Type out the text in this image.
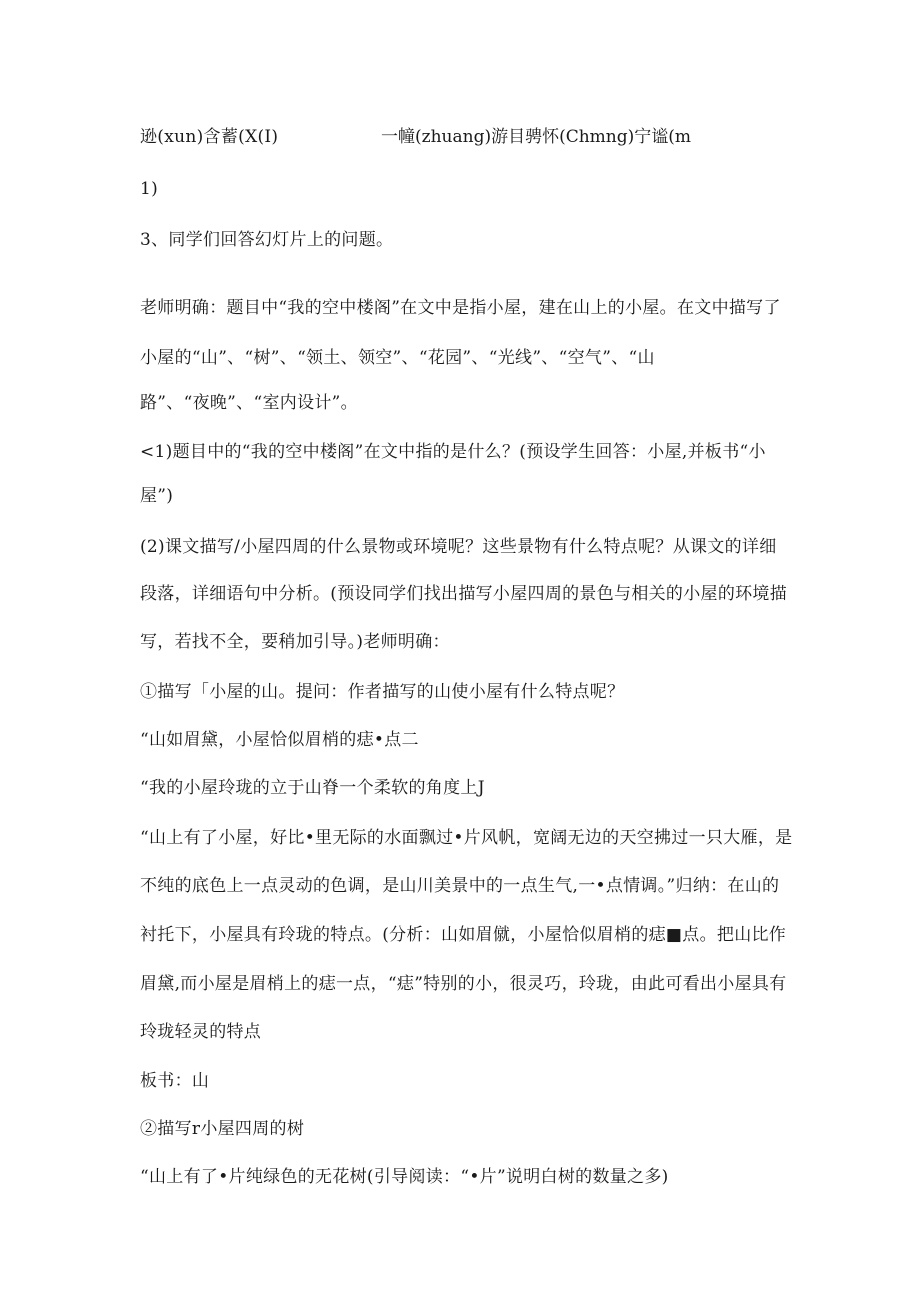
逊(xun)含蓄(X(I)	一幢(zhuang)游目骋怀(Chmng)宁谧(m
1)
3、同学们回答幻灯片上的问题。
老师明确：题目中“我的空中楼阁”在文中是指小屋，建在山上的小屋。在文中描写了
小屋的“山”、“树”、“领土、领空”、“花园”、“光线”、“空气”、“山
路”、“夜晚”、“室内设计”。
<1)题目中的“我的空中楼阁”在文中指的是什么？(预设学生回答：小屋,并板书“小
屋”)
(2)课文描写/小屋四周的什么景物或环境呢？这些景物有什么特点呢？从课文的详细
段落，详细语句中分析。(预设同学们找出描写小屋四周的景色与相关的小屋的环境描
写，若找不全，要稍加引导。)老师明确：
①描写「小屋的山。提问：作者描写的山使小屋有什么特点呢？
“山如眉黛，小屋恰似眉梢的痣•点二
“我的小屋玲珑的立于山脊一个柔软的角度上J
“山上有了小屋，好比•里无际的水面飘过•片风帆，宽阔无边的天空拂过一只大雁，是
不纯的底色上一点灵动的色调，是山川美景中的一点生气,一•点情调。”归纳：在山的
衬托下，小屋具有玲珑的特点。(分析：山如眉僦，小屋恰似眉梢的痣■点。把山比作
眉黛,而小屋是眉梢上的痣一点，“痣”特别的小，很灵巧，玲珑，由此可看出小屋具有
玲珑轻灵的特点
板书：山
②描写r小屋四周的树
“山上有了•片纯绿色的无花树(引导阅读：“•片”说明白树的数量之多)
